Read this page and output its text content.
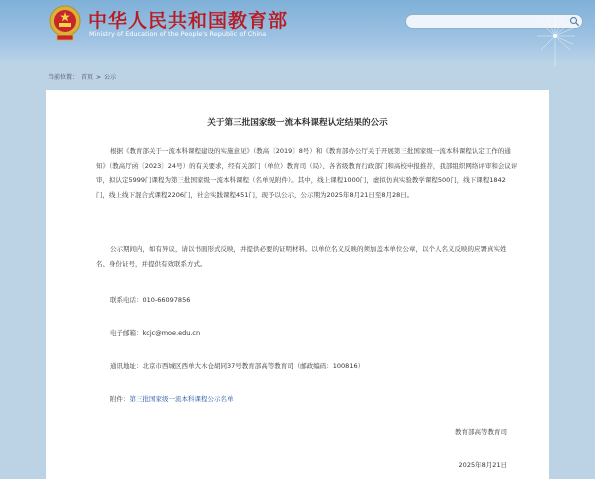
中华人民共和国教育部
Ministry of Education of the People's Republic of China
当前位置： 首页 > 公示
关于第三批国家级一流本科课程认定结果的公示

根据《教育部关于一流本科课程建设的实施意见》（教高〔2019〕8号）和《教育部办公厅关于开展第三批国家级一流本科课程认定工作的通知》（教高厅函〔2023〕24号）的有关要求，经有关部门（单位）教育司（局）、各省级教育行政部门和高校申报推荐，我部组织网络评审和会议评审，拟认定5999门课程为第三批国家级一流本科课程（名单见附件）。其中，线上课程1000门，虚拟仿真实验教学课程500门，线下课程1842门，线上线下混合式课程2206门，社会实践课程451门，现予以公示，公示期为2025年8月21日至8月28日。

公示期间内，如有异议，请以书面形式反映，并提供必要的证明材料。以单位名义反映的须加盖本单位公章，以个人名义反映的应署真实姓名、身份证号，并提供有效联系方式。

联系电话：010-66097856
电子邮箱：kcjc@moe.edu.cn
通讯地址：北京市西城区西单大木仓胡同37号教育部高等教育司（邮政编码：100816）
附件：第三批国家级一流本科课程公示名单
教育部高等教育司
2025年8月21日
